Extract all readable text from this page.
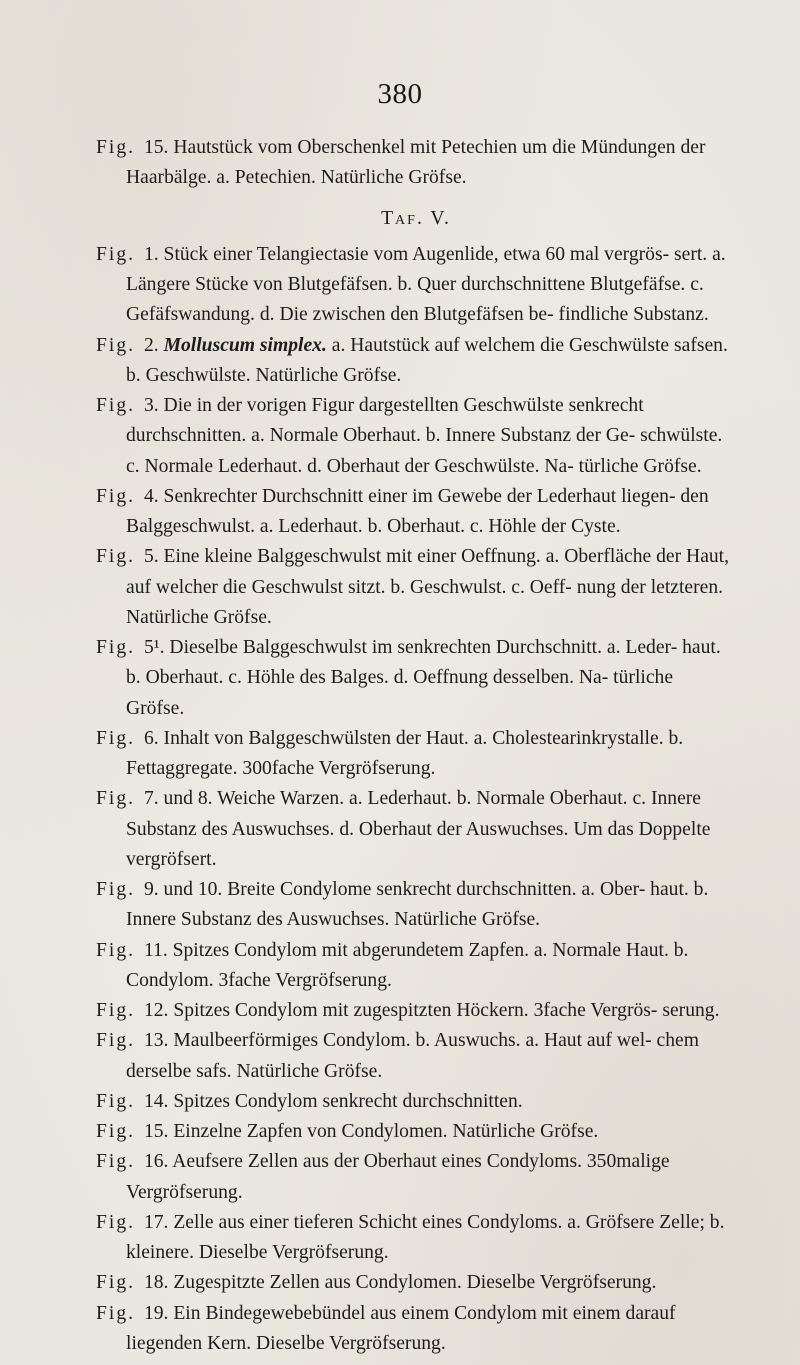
380

Fig. 15. Hautstück vom Oberschenkel mit Petechien um die Mündungen der Haarbälge. a. Petechien. Natürliche Gröfse.

Taf. V.

Fig. 1. Stück einer Telangiectasie vom Augenlide, etwa 60 mal vergrös- sert. a. Längere Stücke von Blutgefäfsen. b. Quer durchschnittene Blutgefäfse. c. Gefäfswandung. d. Die zwischen den Blutgefäfsen be- findliche Substanz.

Fig. 2. Molluscum simplex. a. Hautstück auf welchem die Geschwülste safsen. b. Geschwülste. Natürliche Gröfse.

Fig. 3. Die in der vorigen Figur dargestellten Geschwülste senkrecht durchschnitten. a. Normale Oberhaut. b. Innere Substanz der Ge- schwülste. c. Normale Lederhaut. d. Oberhaut der Geschwülste. Na- türliche Gröfse.

Fig. 4. Senkrechter Durchschnitt einer im Gewebe der Lederhaut liegen- den Balggeschwulst. a. Lederhaut. b. Oberhaut. c. Höhle der Cyste.

Fig. 5. Eine kleine Balggeschwulst mit einer Oeffnung. a. Oberfläche der Haut, auf welcher die Geschwulst sitzt. b. Geschwulst. c. Oeff- nung der letzteren. Natürliche Gröfse.

Fig. 5¹. Dieselbe Balggeschwulst im senkrechten Durchschnitt. a. Leder- haut. b. Oberhaut. c. Höhle des Balges. d. Oeffnung desselben. Na- türliche Gröfse.

Fig. 6. Inhalt von Balggeschwülsten der Haut. a. Cholestearinkrystalle. b. Fettaggregate. 300fache Vergröfserung.

Fig. 7. und 8. Weiche Warzen. a. Lederhaut. b. Normale Oberhaut. c. Innere Substanz des Auswuchses. d. Oberhaut der Auswuchses. Um das Doppelte vergröfsert.

Fig. 9. und 10. Breite Condylome senkrecht durchschnitten. a. Ober- haut. b. Innere Substanz des Auswuchses. Natürliche Gröfse.

Fig. 11. Spitzes Condylom mit abgerundetem Zapfen. a. Normale Haut. b. Condylom. 3fache Vergröfserung.

Fig. 12. Spitzes Condylom mit zugespitzten Höckern. 3fache Vergrös- serung.

Fig. 13. Maulbeerförmiges Condylom. b. Auswuchs. a. Haut auf wel- chem derselbe safs. Natürliche Gröfse.

Fig. 14. Spitzes Condylom senkrecht durchschnitten.

Fig. 15. Einzelne Zapfen von Condylomen. Natürliche Gröfse.

Fig. 16. Aeufsere Zellen aus der Oberhaut eines Condyloms. 350malige Vergröfserung.

Fig. 17. Zelle aus einer tieferen Schicht eines Condyloms. a. Gröfsere Zelle; b. kleinere. Dieselbe Vergröfserung.

Fig. 18. Zugespitzte Zellen aus Condylomen. Dieselbe Vergröfserung.

Fig. 19. Ein Bindegewebebündel aus einem Condylom mit einem darauf liegenden Kern. Dieselbe Vergröfserung.
